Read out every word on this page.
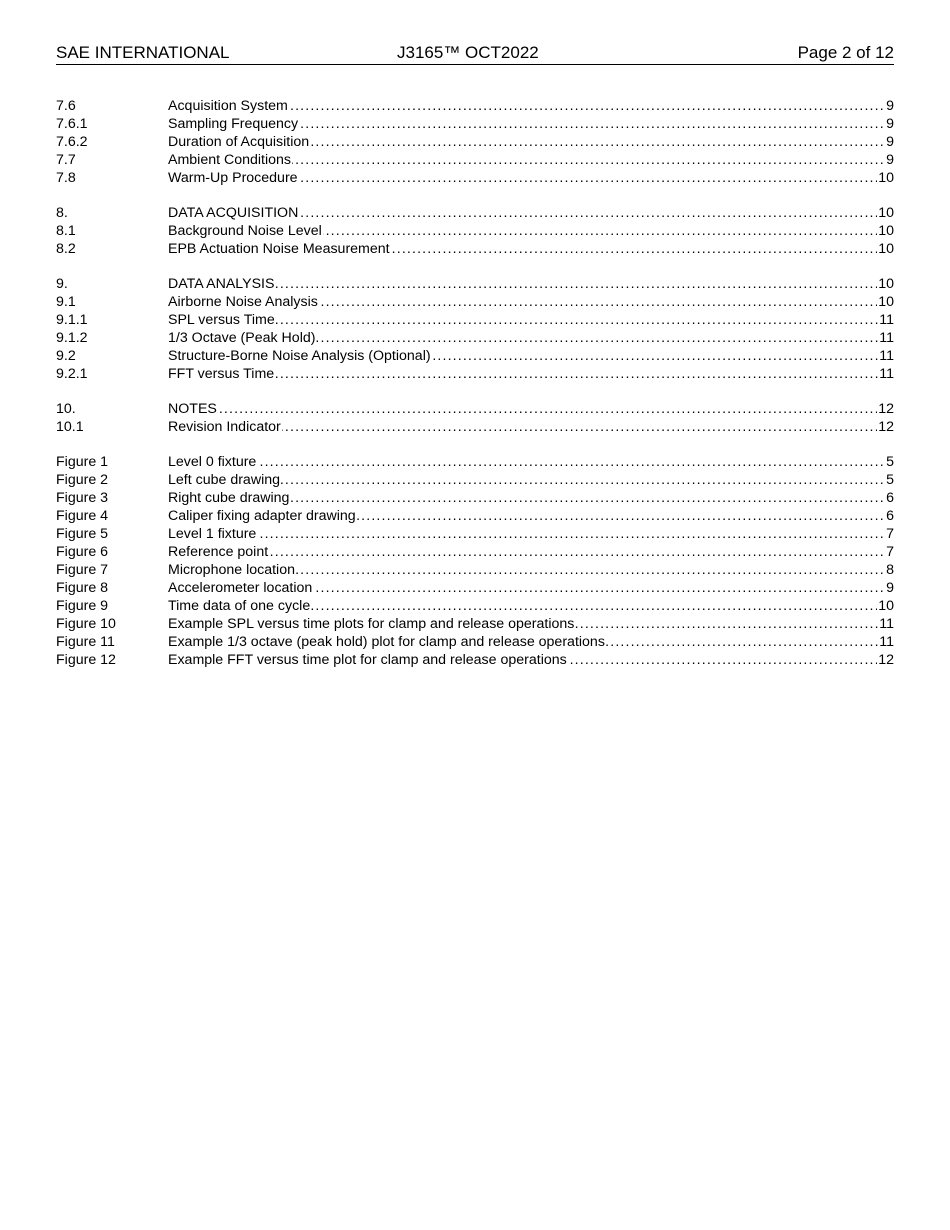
SAE INTERNATIONAL	J3165™ OCT2022	Page 2 of 12
7.6	. . . Acquisition System	9
7.6.1	. . . Sampling Frequency	9
7.6.2	. . . Duration of Acquisition	9
7.7	. . . Ambient Conditions	9
7.8	. . . Warm-Up Procedure	10
8.	. . . DATA ACQUISITION	10
8.1	. . . Background Noise Level	10
8.2	. . . EPB Actuation Noise Measurement	10
9.	. . . DATA ANALYSIS	10
9.1	. . . Airborne Noise Analysis	10
9.1.1	. . . SPL versus Time	11
9.1.2	. . . 1/3 Octave (Peak Hold)	11
9.2	. . . Structure-Borne Noise Analysis (Optional)	11
9.2.1	. . . FFT versus Time	11
10.	. . . NOTES	12
10.1	. . . Revision Indicator	12
Figure 1	. . . Level 0 fixture	5
Figure 2	. . . Left cube drawing	5
Figure 3	. . . Right cube drawing	6
Figure 4	. . . Caliper fixing adapter drawing	6
Figure 5	. . . Level 1 fixture	7
Figure 6	. . . Reference point	7
Figure 7	. . . Microphone location	8
Figure 8	. . . Accelerometer location	9
Figure 9	. . . Time data of one cycle	10
Figure 10	. . . Example SPL versus time plots for clamp and release operations	11
Figure 11	. . . Example 1/3 octave (peak hold) plot for clamp and release operations	11
Figure 12	. . . Example FFT versus time plot for clamp and release operations	12
